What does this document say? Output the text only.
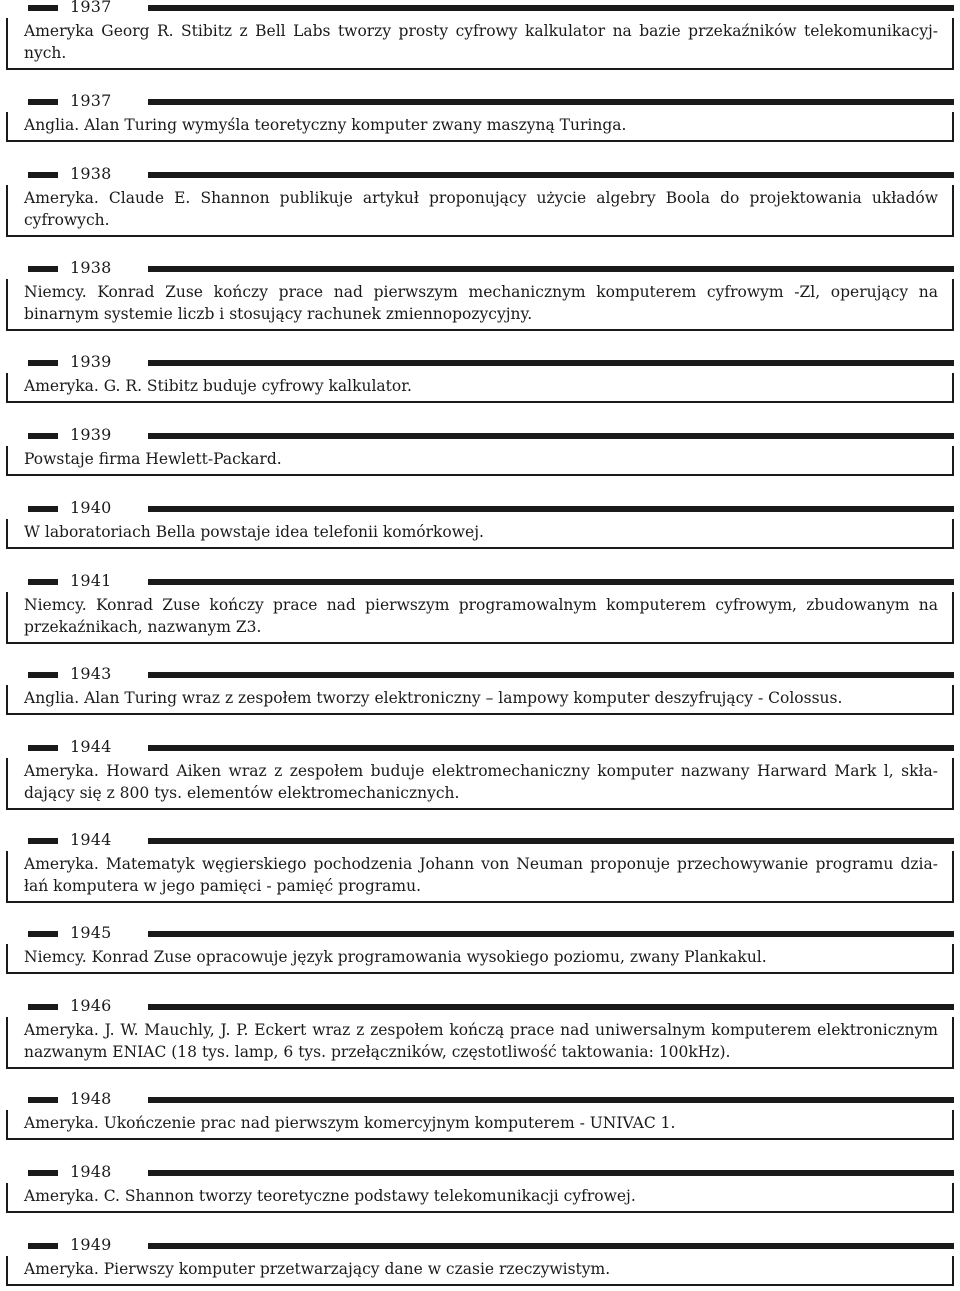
1937
Ameryka Georg R. Stibitz z Bell Labs tworzy prosty cyfrowy kalkulator na bazie przekaźników telekomunikacyj-nych.
1937
Anglia. Alan Turing wymyśla teoretyczny komputer zwany maszyną Turinga.
1938
Ameryka. Claude E. Shannon publikuje artykuł proponujący użycie algebry Boola do projektowania układów cyfrowych.
1938
Niemcy. Konrad Zuse kończy prace nad pierwszym mechanicznym komputerem cyfrowym -Zl, operujący na binarnym systemie liczb i stosujący rachunek zmiennopozycyjny.
1939
Ameryka. G. R. Stibitz buduje cyfrowy kalkulator.
1939
Powstaje firma Hewlett-Packard.
1940
W laboratoriach Bella powstaje idea telefonii komórkowej.
1941
Niemcy. Konrad Zuse kończy prace nad pierwszym programowalnym komputerem cyfrowym, zbudowanym na przekaźnikach, nazwanym Z3.
1943
Anglia. Alan Turing wraz z zespołem tworzy elektroniczny – lampowy komputer deszyfrujący - Colossus.
1944
Ameryka. Howard Aiken wraz z zespołem buduje elektromechaniczny komputer nazwany Harward Mark l, skła-dający się z 800 tys. elementów elektromechanicznych.
1944
Ameryka. Matematyk węgierskiego pochodzenia Johann von Neuman proponuje przechowywanie programu dzia-łań komputera w jego pamięci - pamięć programu.
1945
Niemcy. Konrad Zuse opracowuje język programowania wysokiego poziomu, zwany Plankakul.
1946
Ameryka. J. W. Mauchly, J. P. Eckert wraz z zespołem kończą prace nad uniwersalnym komputerem elektronicznym nazwanym ENIAC (18 tys. lamp, 6 tys. przełączników, częstotliwość taktowania: 100kHz).
1948
Ameryka. Ukończenie prac nad pierwszym komercyjnym komputerem - UNIVAC 1.
1948
Ameryka. C. Shannon tworzy teoretyczne podstawy telekomunikacji cyfrowej.
1949
Ameryka. Pierwszy komputer przetwarzający dane w czasie rzeczywistym.
